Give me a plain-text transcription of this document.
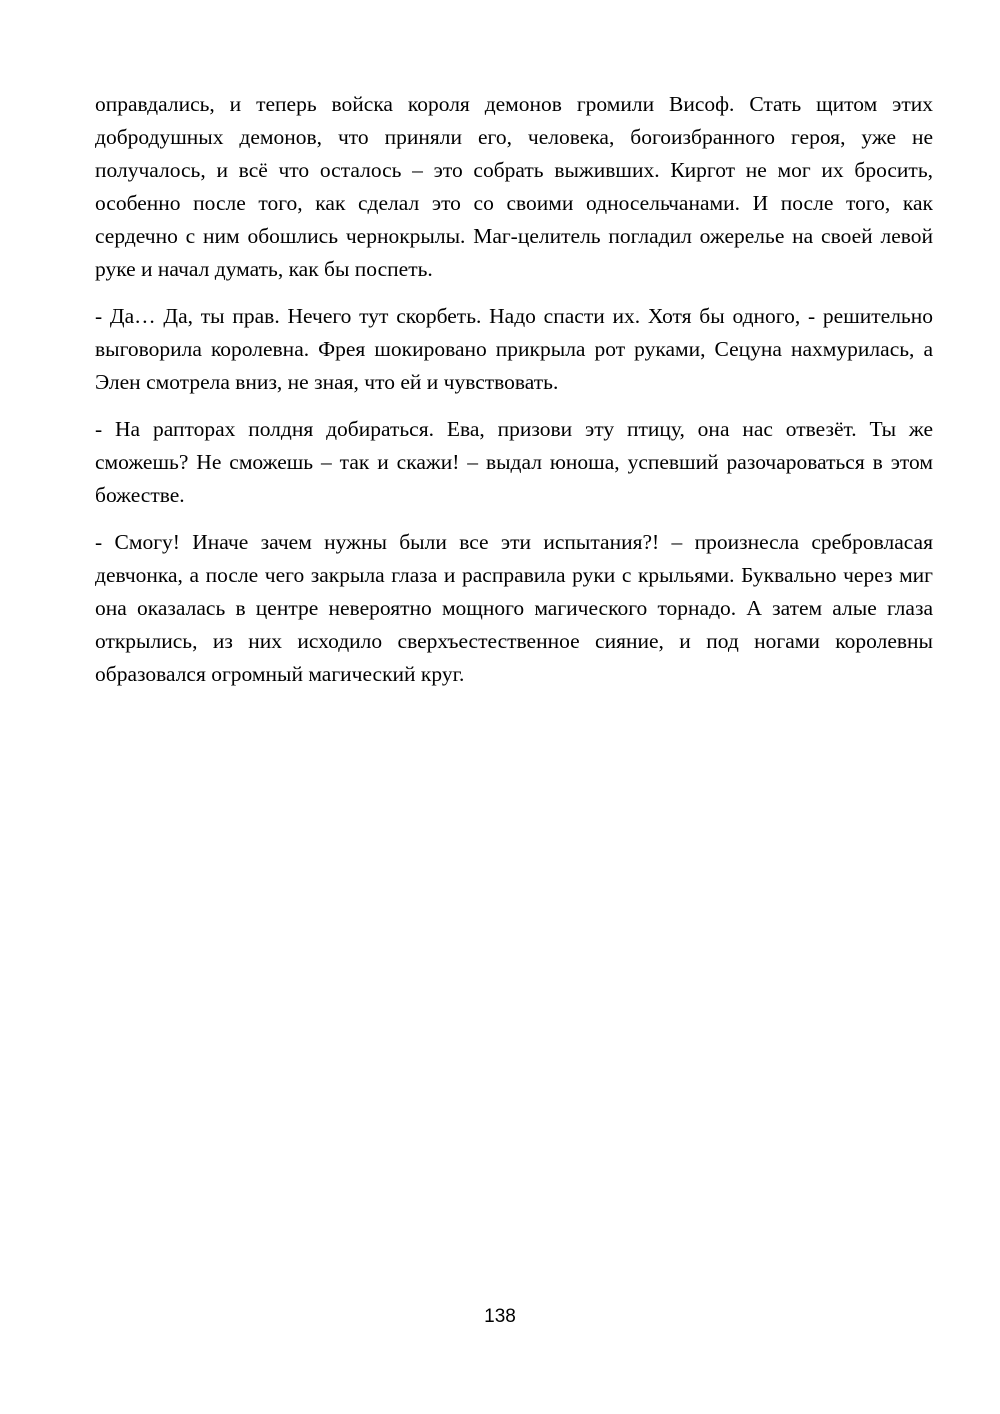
оправдались, и теперь войска короля демонов громили Висоф. Стать щитом этих добродушных демонов, что приняли его, человека, богоизбранного героя, уже не получалось, и всё что осталось – это собрать выживших. Киргот не мог их бросить, особенно после того, как сделал это со своими односельчанами. И после того, как сердечно с ним обошлись чернокрылы. Маг-целитель погладил ожерелье на своей левой руке и начал думать, как бы поспеть.

- Да… Да, ты прав. Нечего тут скорбеть. Надо спасти их. Хотя бы одного, - решительно выговорила королевна. Фрея шокировано прикрыла рот руками, Сецуна нахмурилась, а Элен смотрела вниз, не зная, что ей и чувствовать.

- На рапторах полдня добираться. Ева, призови эту птицу, она нас отвезёт. Ты же сможешь? Не сможешь – так и скажи! – выдал юноша, успевший разочароваться в этом божестве.

- Смогу! Иначе зачем нужны были все эти испытания?! – произнесла сребровласая девчонка, а после чего закрыла глаза и расправила руки с крыльями. Буквально через миг она оказалась в центре невероятно мощного магического торнадо. А затем алые глаза открылись, из них исходило сверхъестественное сияние, и под ногами королевны образовался огромный магический круг.

138
